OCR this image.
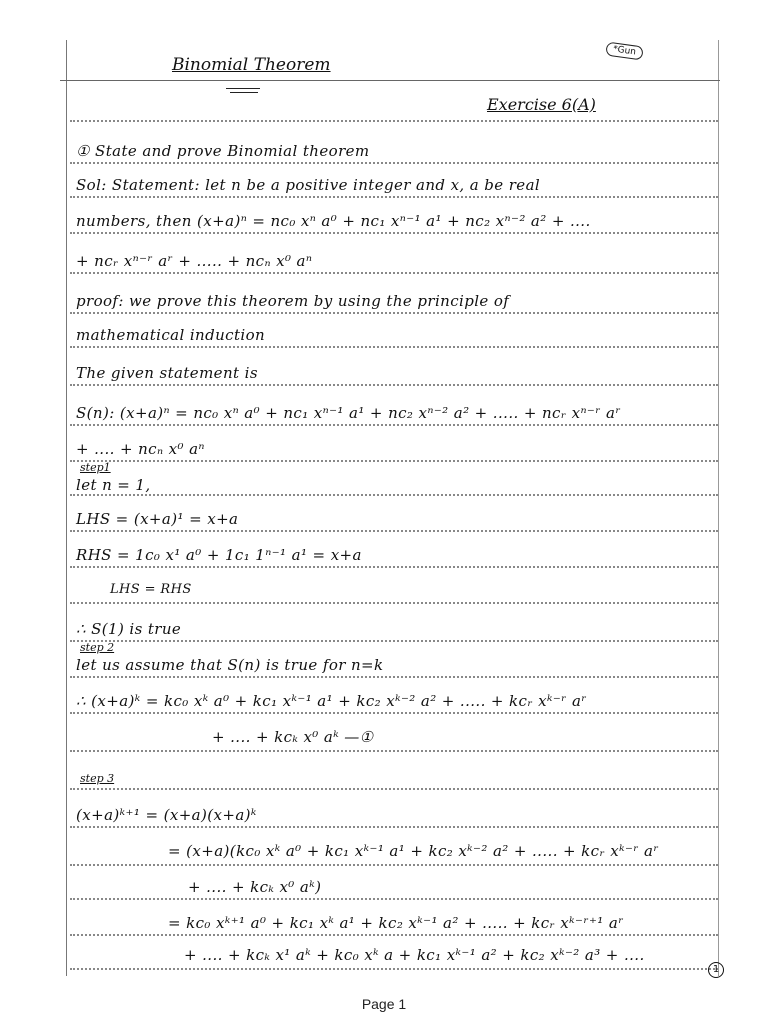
*Gun
Binomial Theorem
Exercise 6(A)
① State and prove Binomial theorem
Sol: Statement: let n be a positive integer and x, a be real
numbers, then (x+a)ⁿ = nc₀ xⁿ a⁰ + nc₁ xⁿ⁻¹ a¹ + nc₂ xⁿ⁻² a² + ....
+ ncᵣ xⁿ⁻ʳ aʳ + ..... + ncₙ x⁰ aⁿ
proof: we prove this theorem by using the principle of
mathematical induction
The given statement is
S(n): (x+a)ⁿ = nc₀ xⁿ a⁰ + nc₁ xⁿ⁻¹ a¹ + nc₂ xⁿ⁻² a² + ..... + ncᵣ xⁿ⁻ʳ aʳ
+ .... + ncₙ x⁰ aⁿ
step1
let n = 1,
LHS = (x+a)¹ = x+a
RHS = 1c₀ x¹ a⁰ + 1c₁ 1ⁿ⁻¹ a¹ = x+a
LHS = RHS
∴ S(1) is true
step 2
let us assume that S(n) is true for n=k
∴ (x+a)ᵏ = kc₀ xᵏ a⁰ + kc₁ xᵏ⁻¹ a¹ + kc₂ xᵏ⁻² a² + ..... + kcᵣ xᵏ⁻ʳ aʳ
+ .... + kcₖ x⁰ aᵏ —①
step 3
(x+a)ᵏ⁺¹ = (x+a)(x+a)ᵏ
= (x+a)(kc₀ xᵏ a⁰ + kc₁ xᵏ⁻¹ a¹ + kc₂ xᵏ⁻² a² + ..... + kcᵣ xᵏ⁻ʳ aʳ
+ .... + kcₖ x⁰ aᵏ)
= kc₀ xᵏ⁺¹ a⁰ + kc₁ xᵏ a¹ + kc₂ xᵏ⁻¹ a² + ..... + kcᵣ xᵏ⁻ʳ⁺¹ aʳ
+ .... + kcₖ x¹ aᵏ + kc₀ xᵏ a + kc₁ xᵏ⁻¹ a² + kc₂ xᵏ⁻² a³ + ....
1
Page 1
